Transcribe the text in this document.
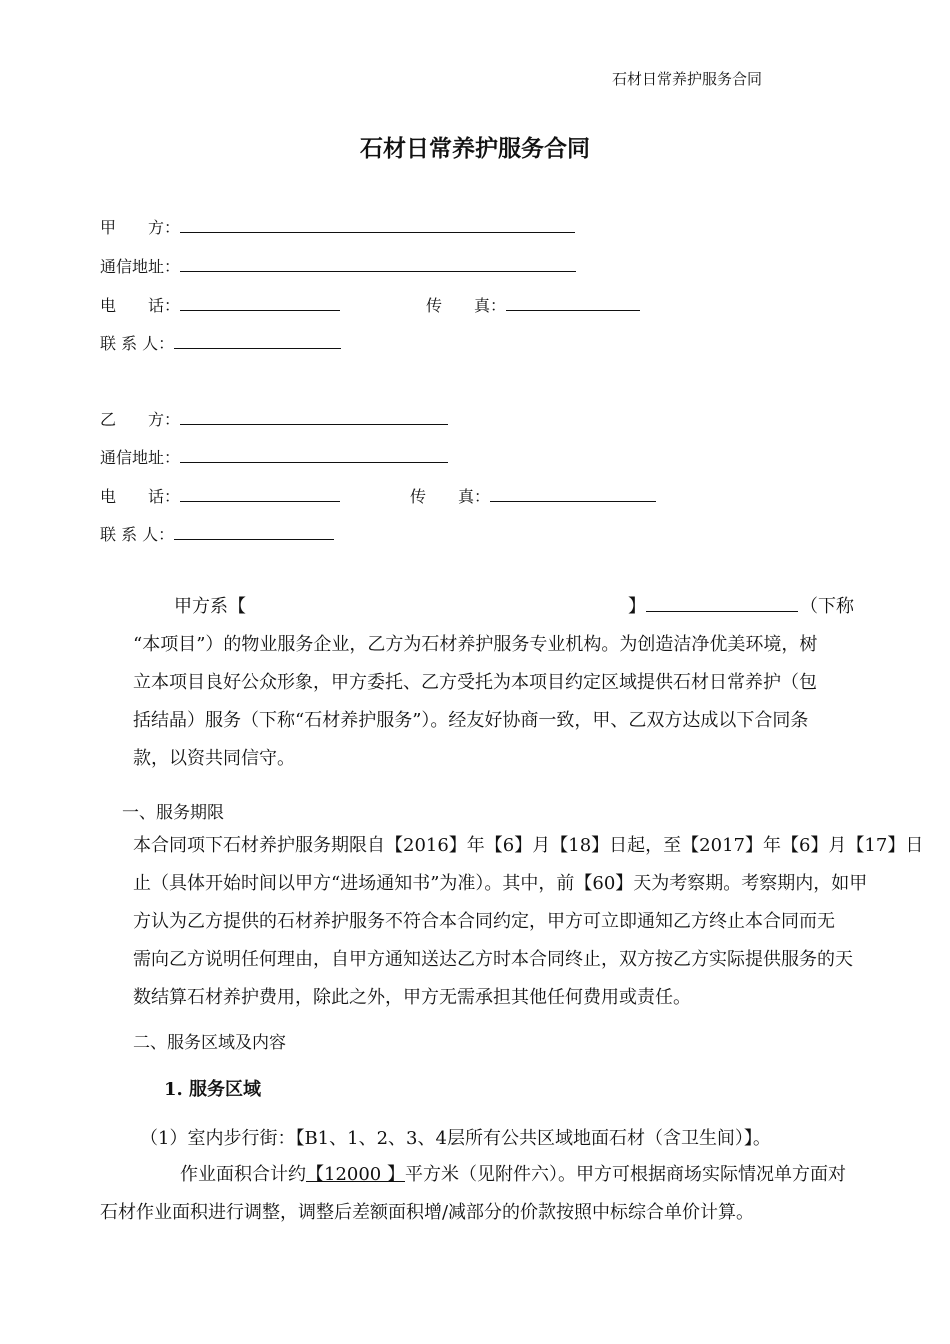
石材日常养护服务合同
石材日常养护服务合同
甲　　方：
通信地址：
电　　话：	传　　真：
联 系 人：
乙　　方：
通信地址：
电　　话：	传　　真：
联 系 人：
甲方系【	】	（下称
“本项目”）的物业服务企业，乙方为石材养护服务专业机构。为创造洁净优美环境，树
立本项目良好公众形象，甲方委托、乙方受托为本项目约定区域提供石材日常养护（包
括结晶）服务（下称“石材养护服务”）。经友好协商一致，甲、乙双方达成以下合同条
款，以资共同信守。
一、服务期限
本合同项下石材养护服务期限自【2016】年【6】月【18】日起，至【2017】年【6】月【17】日
止（具体开始时间以甲方“进场通知书”为准）。其中，前【60】天为考察期。考察期内，如甲
方认为乙方提供的石材养护服务不符合本合同约定，甲方可立即通知乙方终止本合同而无
需向乙方说明任何理由，自甲方通知送达乙方时本合同终止，双方按乙方实际提供服务的天
数结算石材养护费用，除此之外，甲方无需承担其他任何费用或责任。
二、服务区域及内容
1. 服务区域
（1）室内步行街：【B1、1、2、3、4层所有公共区域地面石材（含卫生间）】。
作业面积合计约【12000 】平方米（见附件六）。甲方可根据商场实际情况单方面对
石材作业面积进行调整，调整后差额面积增/减部分的价款按照中标综合单价计算。
